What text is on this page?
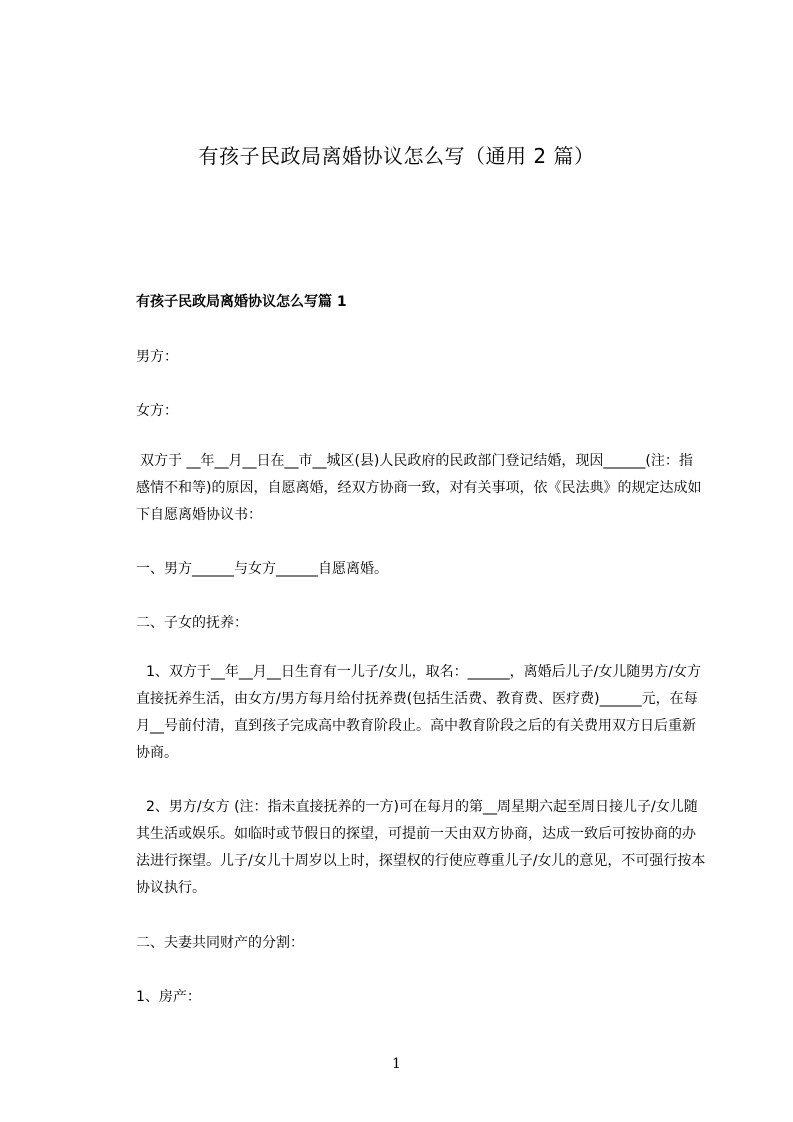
有孩子民政局离婚协议怎么写（通用 2 篇）
有孩子民政局离婚协议怎么写篇 1
男方：
女方：
双方于 __年__月__日在__市__城区(县)人民政府的民政部门登记结婚，现因______(注：指感情不和等)的原因，自愿离婚，经双方协商一致，对有关事项，依《民法典》的规定达成如下自愿离婚协议书：
一、男方______与女方______自愿离婚。
二、子女的抚养：
1、双方于__年__月__日生育有一儿子/女儿，取名：______，离婚后儿子/女儿随男方/女方直接抚养生活，由女方/男方每月给付抚养费(包括生活费、教育费、医疗费)______元，在每月__号前付清，直到孩子完成高中教育阶段止。高中教育阶段之后的有关费用双方日后重新协商。
2、男方/女方 (注：指未直接抚养的一方)可在每月的第__周星期六起至周日接儿子/女儿随其生活或娱乐。如临时或节假日的探望，可提前一天由双方协商，达成一致后可按协商的办法进行探望。儿子/女儿十周岁以上时，探望权的行使应尊重儿子/女儿的意见，不可强行按本协议执行。
二、夫妻共同财产的分割：
1、房产：
1
